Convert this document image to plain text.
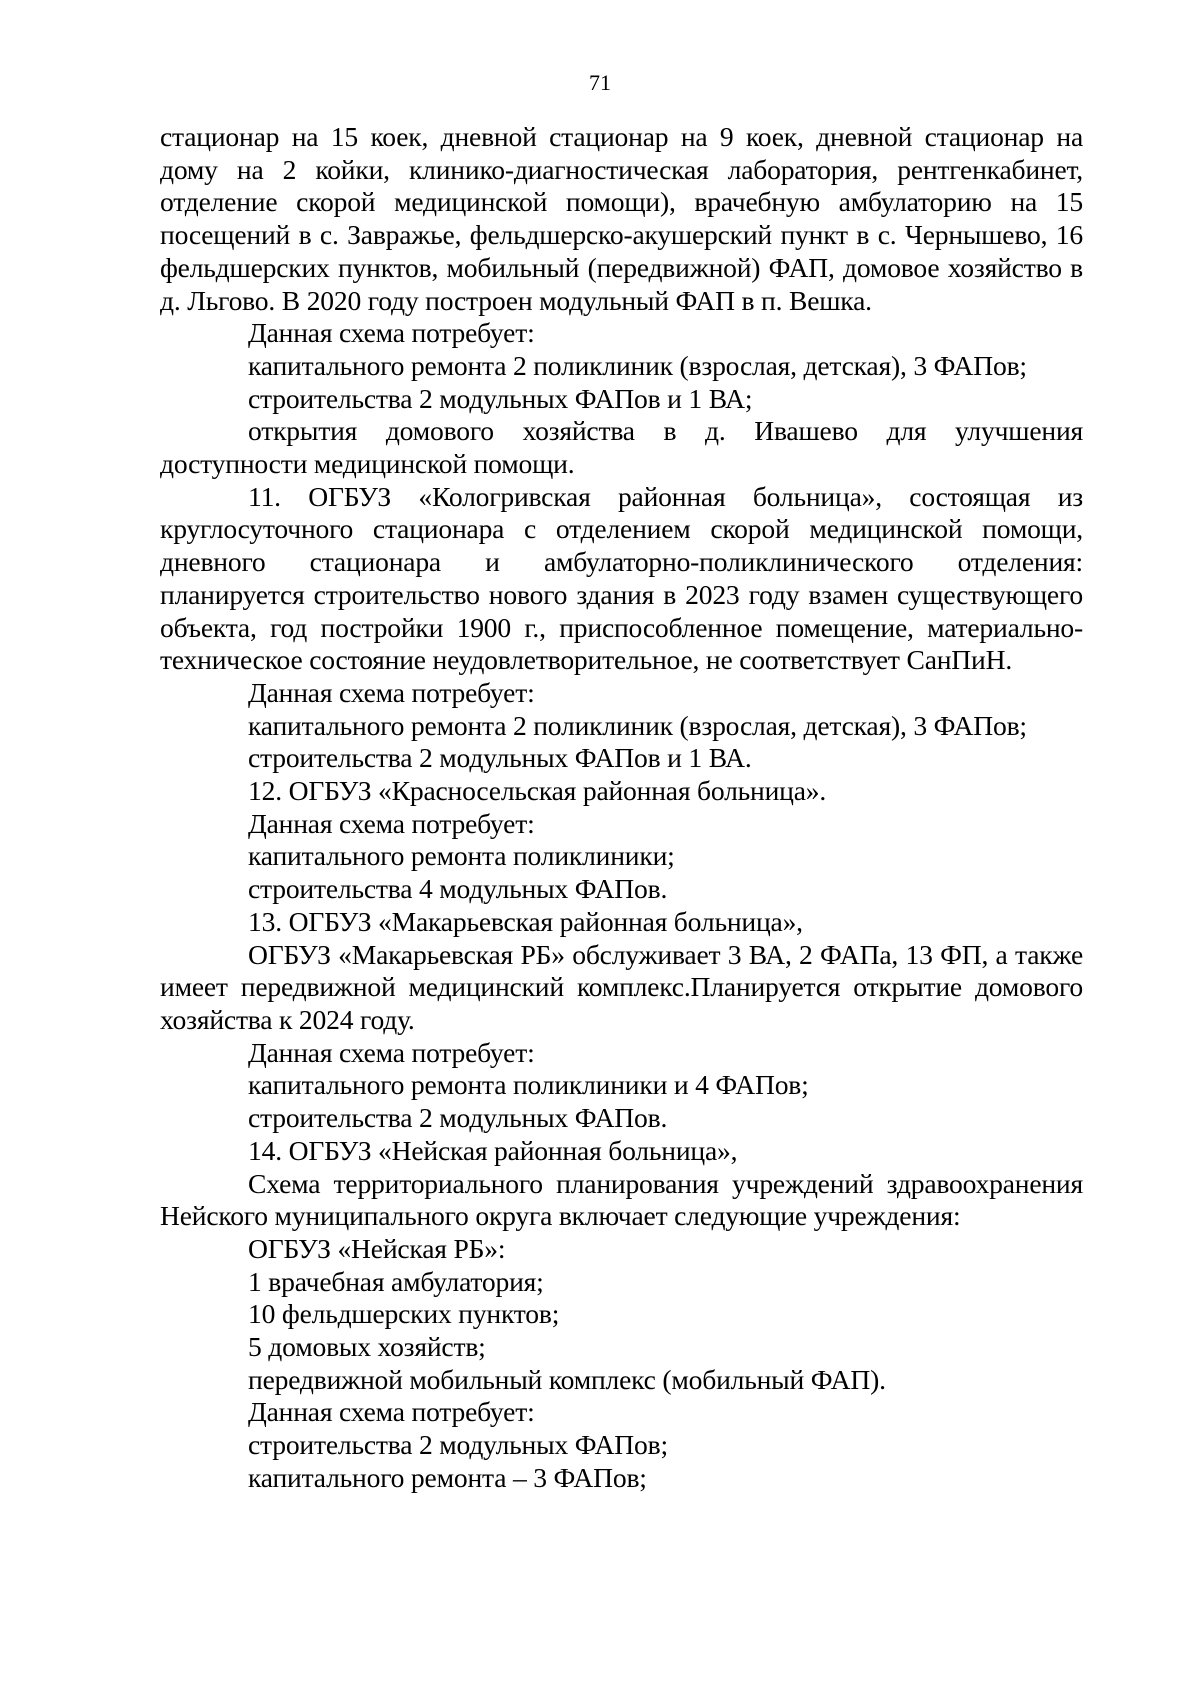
71

стационар на 15 коек, дневной стационар на 9 коек, дневной стационар на дому на 2 койки, клинико-диагностическая лаборатория, рентгенкабинет, отделение скорой медицинской помощи), врачебную амбулаторию на 15 посещений в с. Завражье, фельдшерско-акушерский пункт в с. Чернышево, 16 фельдшерских пунктов, мобильный (передвижной) ФАП, домовое хозяйство в д. Льгово. В 2020 году построен модульный ФАП в п. Вешка.

Данная схема потребует:

капитального ремонта 2 поликлиник (взрослая, детская), 3 ФАПов;

строительства 2 модульных ФАПов и 1 ВА;

открытия домового хозяйства в д. Ивашево для улучшения доступности медицинской помощи.

11. ОГБУЗ «Кологривская районная больница», состоящая из круглосуточного стационара с отделением скорой медицинской помощи, дневного стационара и амбулаторно-поликлинического отделения: планируется строительство нового здания в 2023 году взамен существующего объекта, год постройки 1900 г., приспособленное помещение, материально-техническое состояние неудовлетворительное, не соответствует СанПиН.

Данная схема потребует:

капитального ремонта 2 поликлиник (взрослая, детская), 3 ФАПов;

строительства 2 модульных ФАПов и 1 ВА.

12. ОГБУЗ «Красносельская районная больница».

Данная схема потребует:

капитального ремонта поликлиники;

строительства 4 модульных ФАПов.

13. ОГБУЗ «Макарьевская районная больница»,

ОГБУЗ «Макарьевская РБ» обслуживает 3 ВА, 2 ФАПа, 13 ФП, а также имеет передвижной медицинский комплекс.Планируется открытие домового хозяйства к 2024 году.

Данная схема потребует:

капитального ремонта поликлиники и 4 ФАПов;

строительства 2 модульных ФАПов.

14. ОГБУЗ «Нейская районная больница»,

Схема территориального планирования учреждений здравоохранения Нейского муниципального округа включает следующие учреждения:

ОГБУЗ «Нейская РБ»:

1 врачебная амбулатория;

10 фельдшерских пунктов;

5 домовых хозяйств;

передвижной мобильный комплекс (мобильный ФАП).

Данная схема потребует:

строительства 2 модульных ФАПов;

капитального ремонта – 3 ФАПов;
